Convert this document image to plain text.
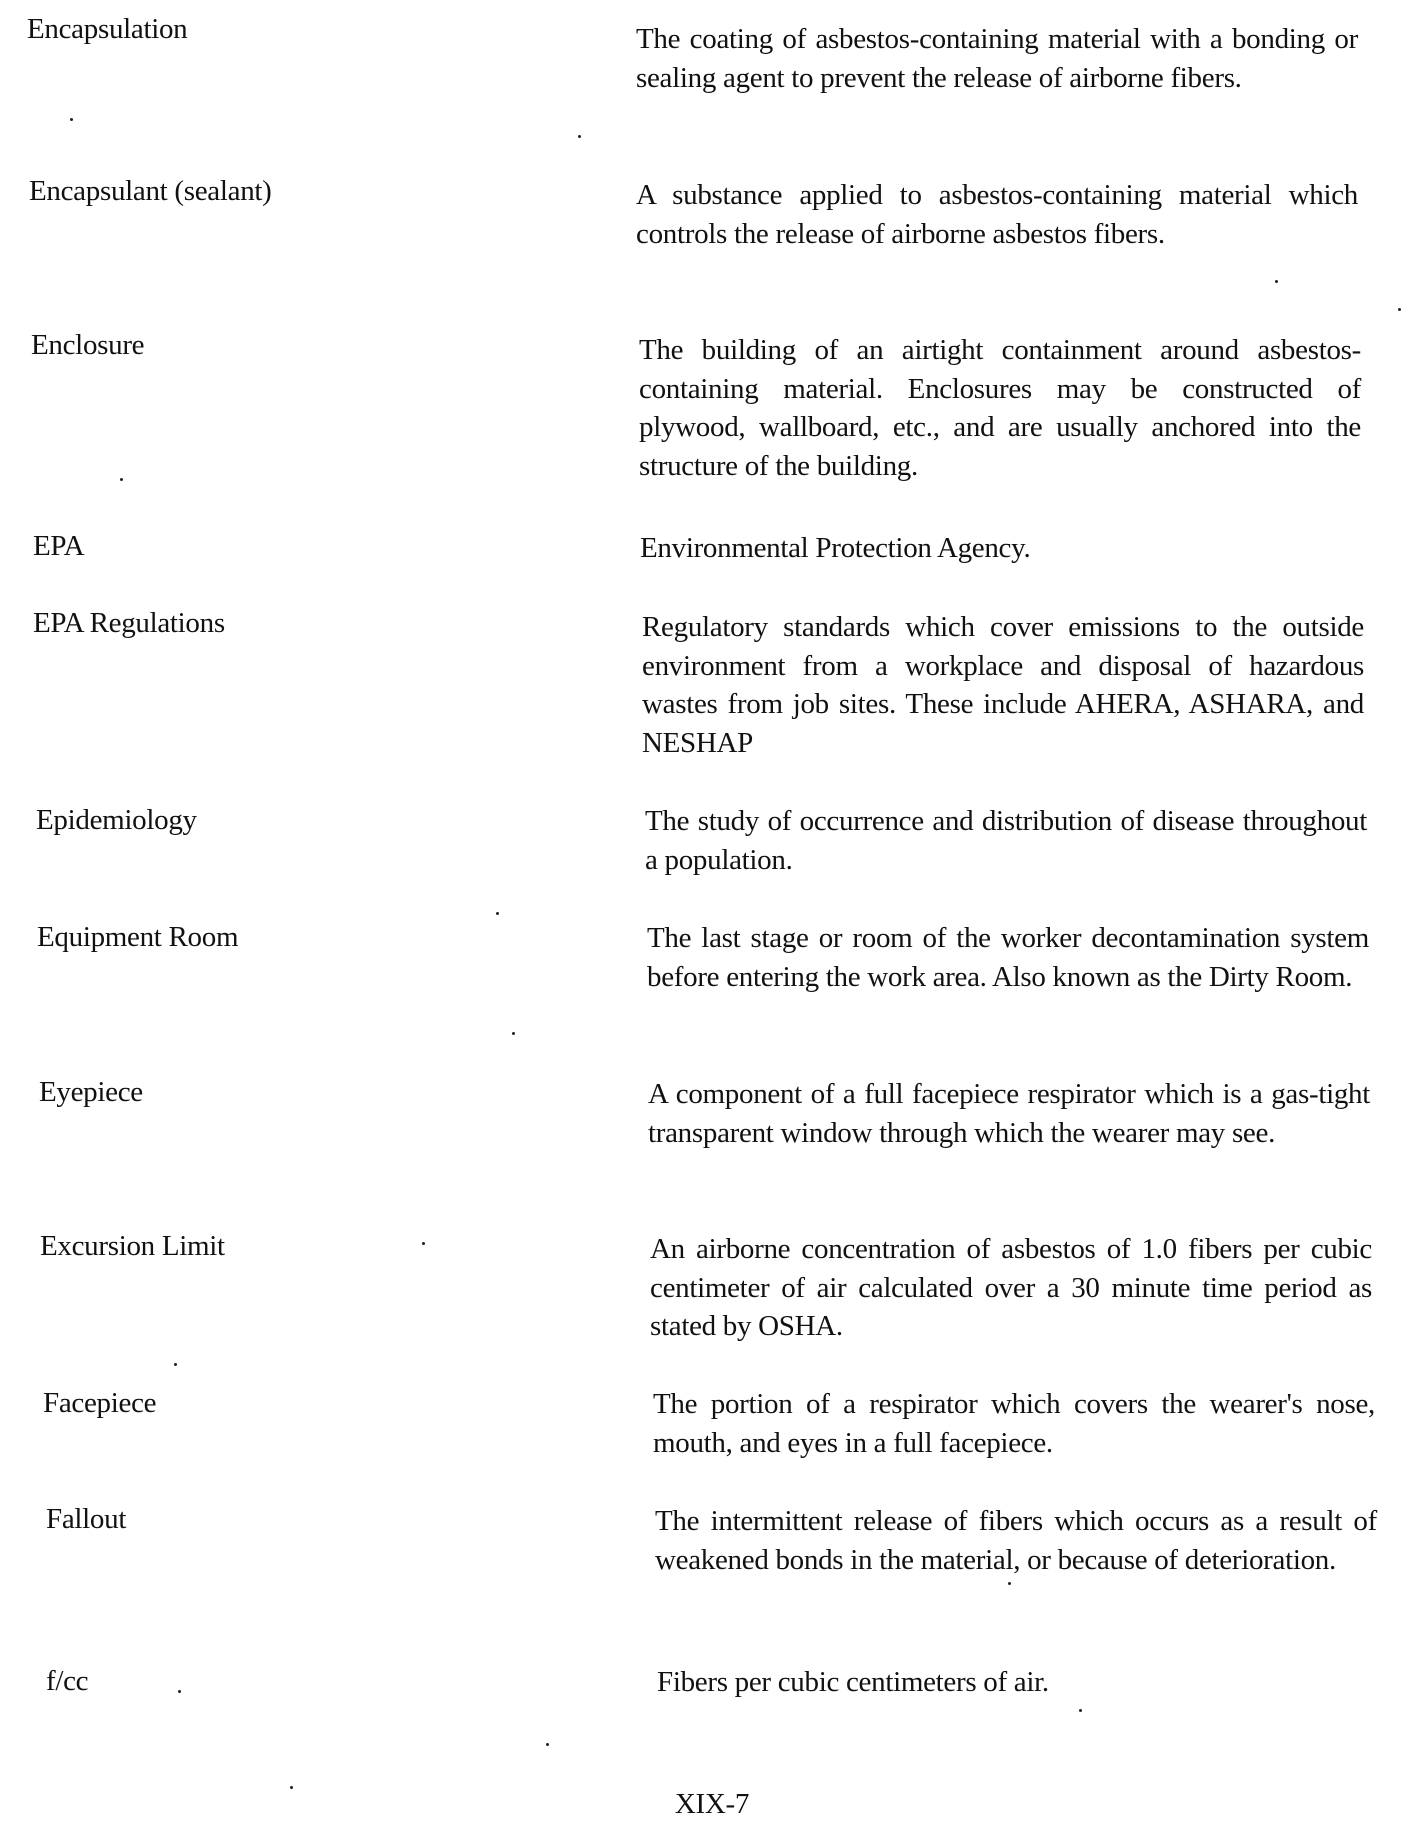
Encapsulation	The coating of asbestos-containing material with a bonding or sealing agent to prevent the release of airborne fibers.
Encapsulant (sealant)	A substance applied to asbestos-containing material which controls the release of airborne asbestos fibers.
Enclosure	The building of an airtight containment around asbestos-containing material. Enclosures may be constructed of plywood, wallboard, etc., and are usually anchored into the structure of the building.
EPA	Environmental Protection Agency.
EPA Regulations	Regulatory standards which cover emissions to the outside environment from a workplace and disposal of hazardous wastes from job sites. These include AHERA, ASHARA, and NESHAP
Epidemiology	The study of occurrence and distribution of disease throughout a population.
Equipment Room	The last stage or room of the worker decontamination system before entering the work area. Also known as the Dirty Room.
Eyepiece	A component of a full facepiece respirator which is a gas-tight transparent window through which the wearer may see.
Excursion Limit	An airborne concentration of asbestos of 1.0 fibers per cubic centimeter of air calculated over a 30 minute time period as stated by OSHA.
Facepiece	The portion of a respirator which covers the wearer's nose, mouth, and eyes in a full facepiece.
Fallout	The intermittent release of fibers which occurs as a result of weakened bonds in the material, or because of deterioration.
f/cc	Fibers per cubic centimeters of air.
XIX-7
